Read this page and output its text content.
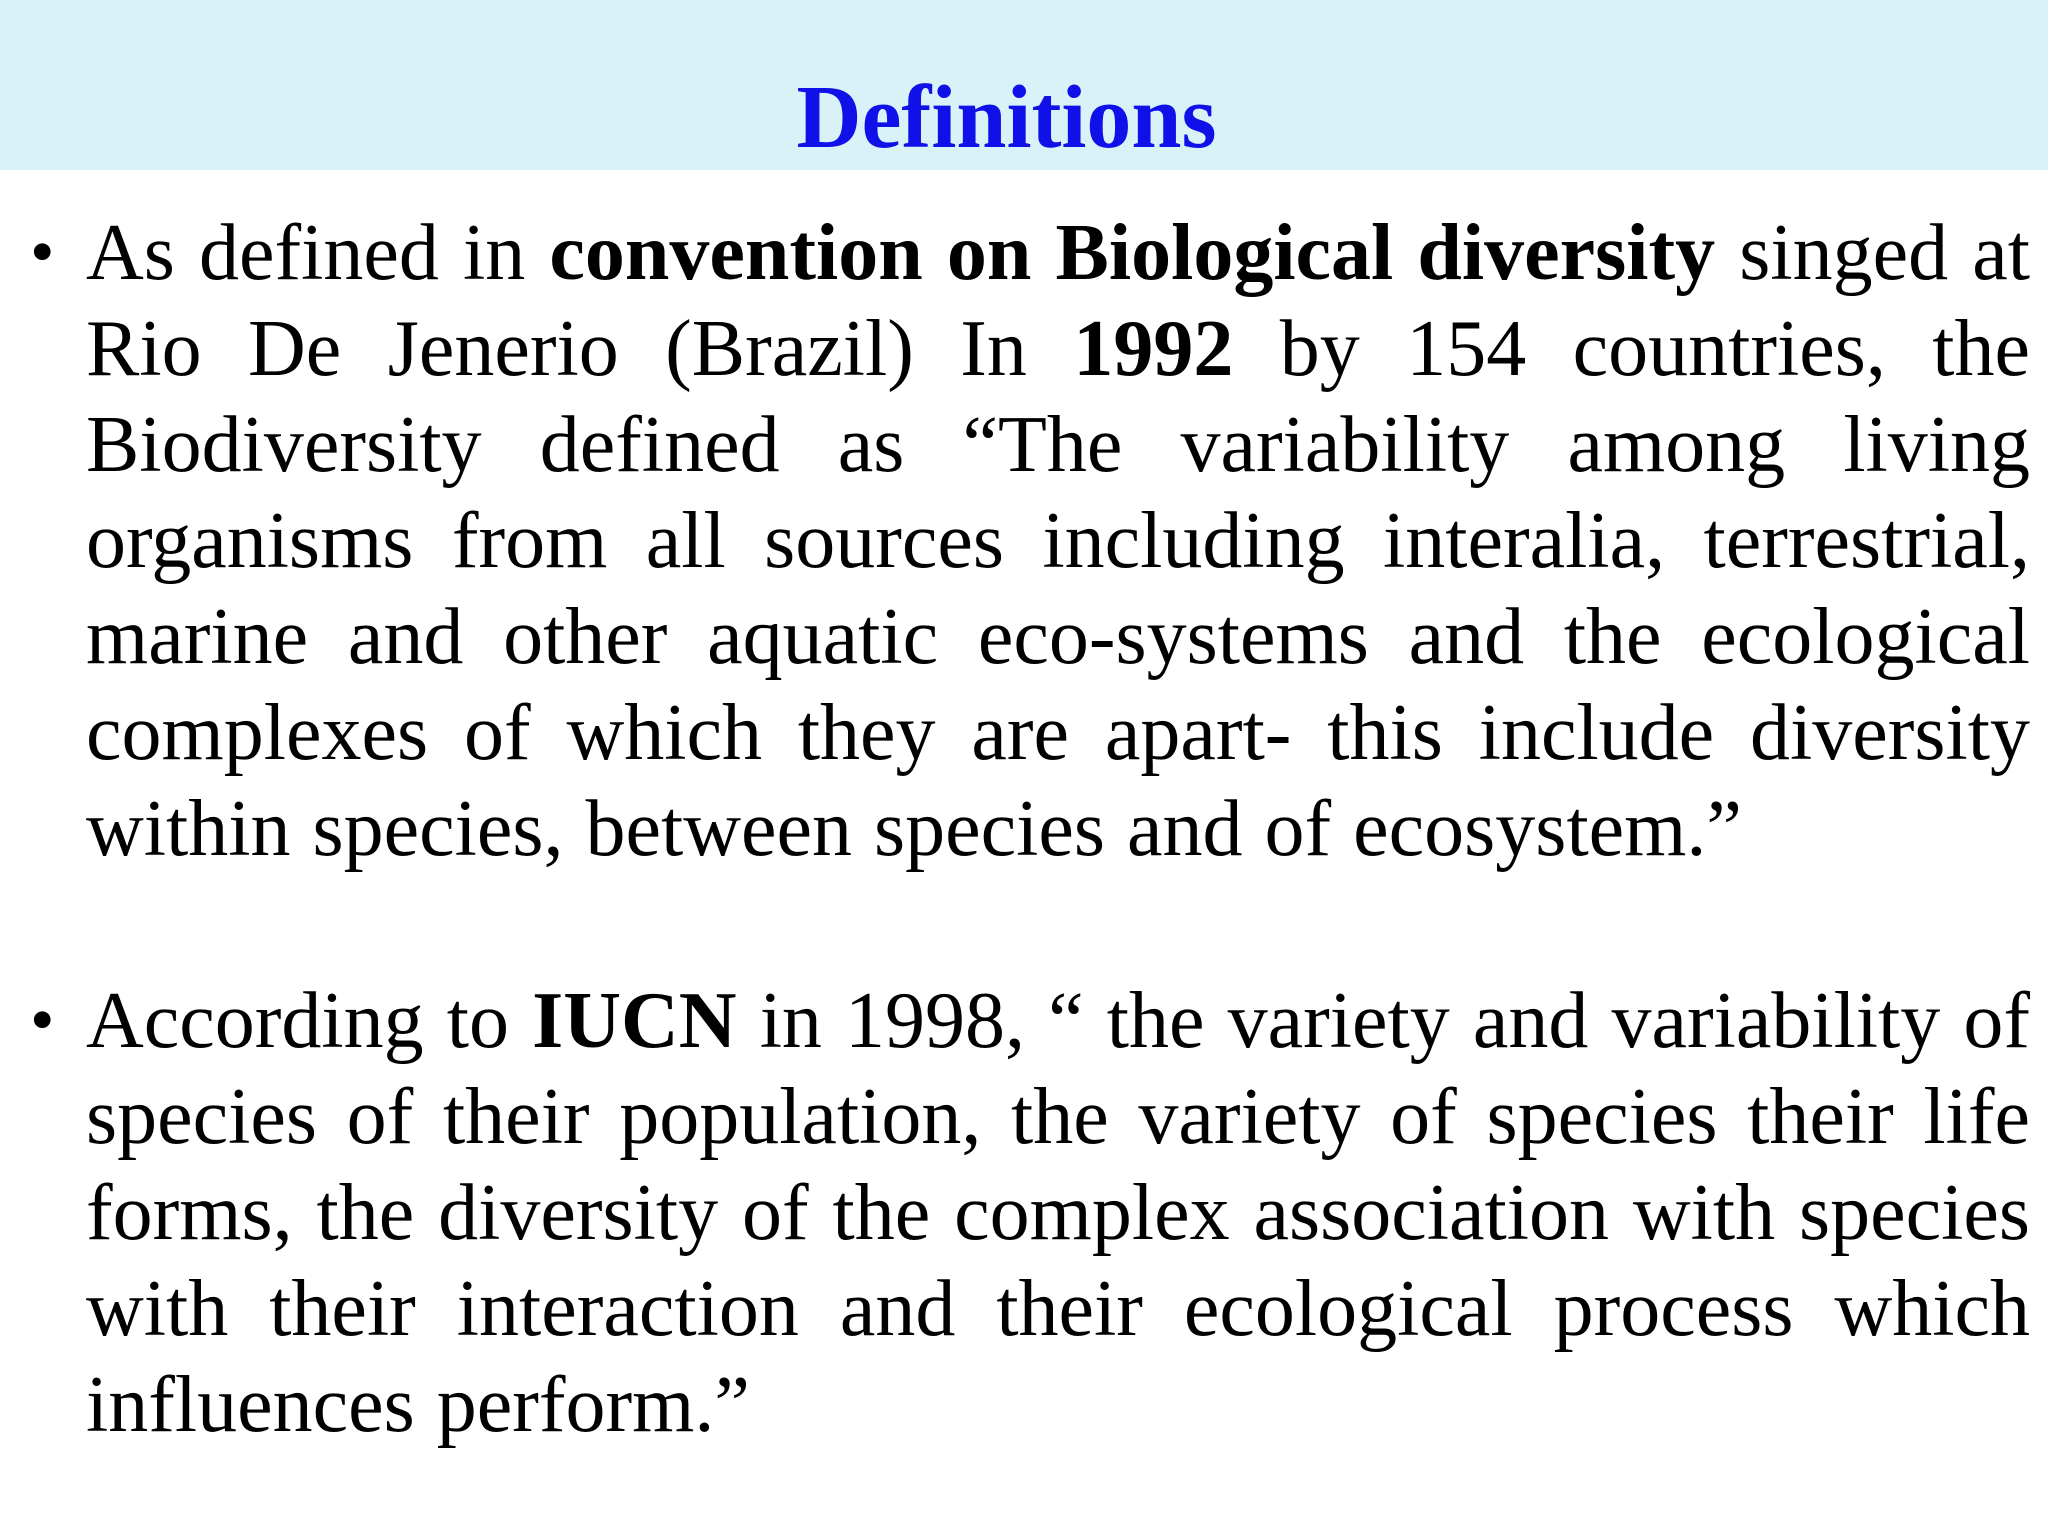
Definitions
• As defined in convention on Biological diversity singed at Rio De Jenerio (Brazil) In 1992 by 154 countries, the Biodiversity defined as “The variability among living organisms from all sources including interalia, terrestrial, marine and other aquatic eco-systems and the ecological complexes of which they are apart- this include diversity within species, between species and of ecosystem.”
• According to IUCN in 1998, “ the variety and variability of species of their population, the variety of species their life forms, the diversity of the complex association with species with their interaction and their ecological process which influences perform.”
